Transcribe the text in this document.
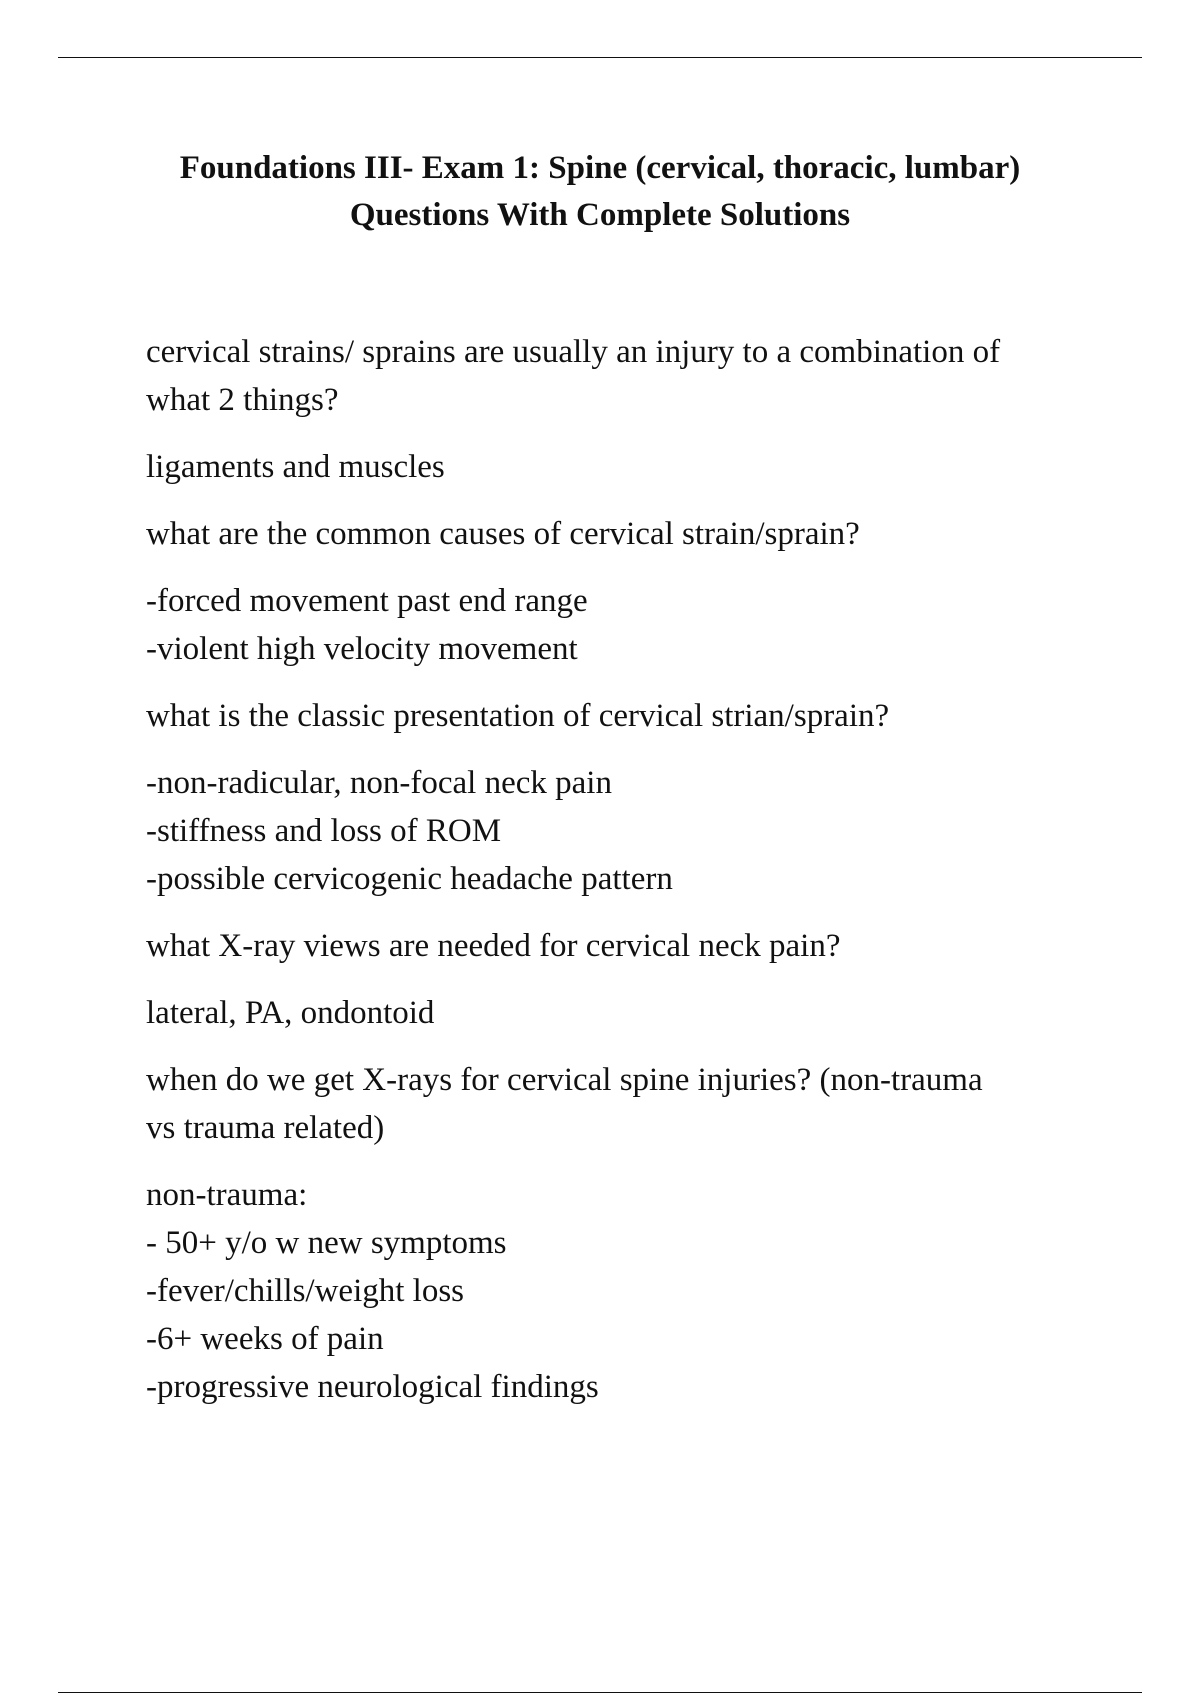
Foundations III- Exam 1: Spine (cervical, thoracic, lumbar)
Questions With Complete Solutions
cervical strains/ sprains are usually an injury to a combination of
what 2 things?
ligaments and muscles
what are the common causes of cervical strain/sprain?
-forced movement past end range
-violent high velocity movement
what is the classic presentation of cervical strian/sprain?
-non-radicular, non-focal neck pain
-stiffness and loss of ROM
-possible cervicogenic headache pattern
what X-ray views are needed for cervical neck pain?
lateral, PA, ondontoid
when do we get X-rays for cervical spine injuries? (non-trauma
vs trauma related)
non-trauma:
- 50+ y/o w new symptoms
-fever/chills/weight loss
-6+ weeks of pain
-progressive neurological findings
